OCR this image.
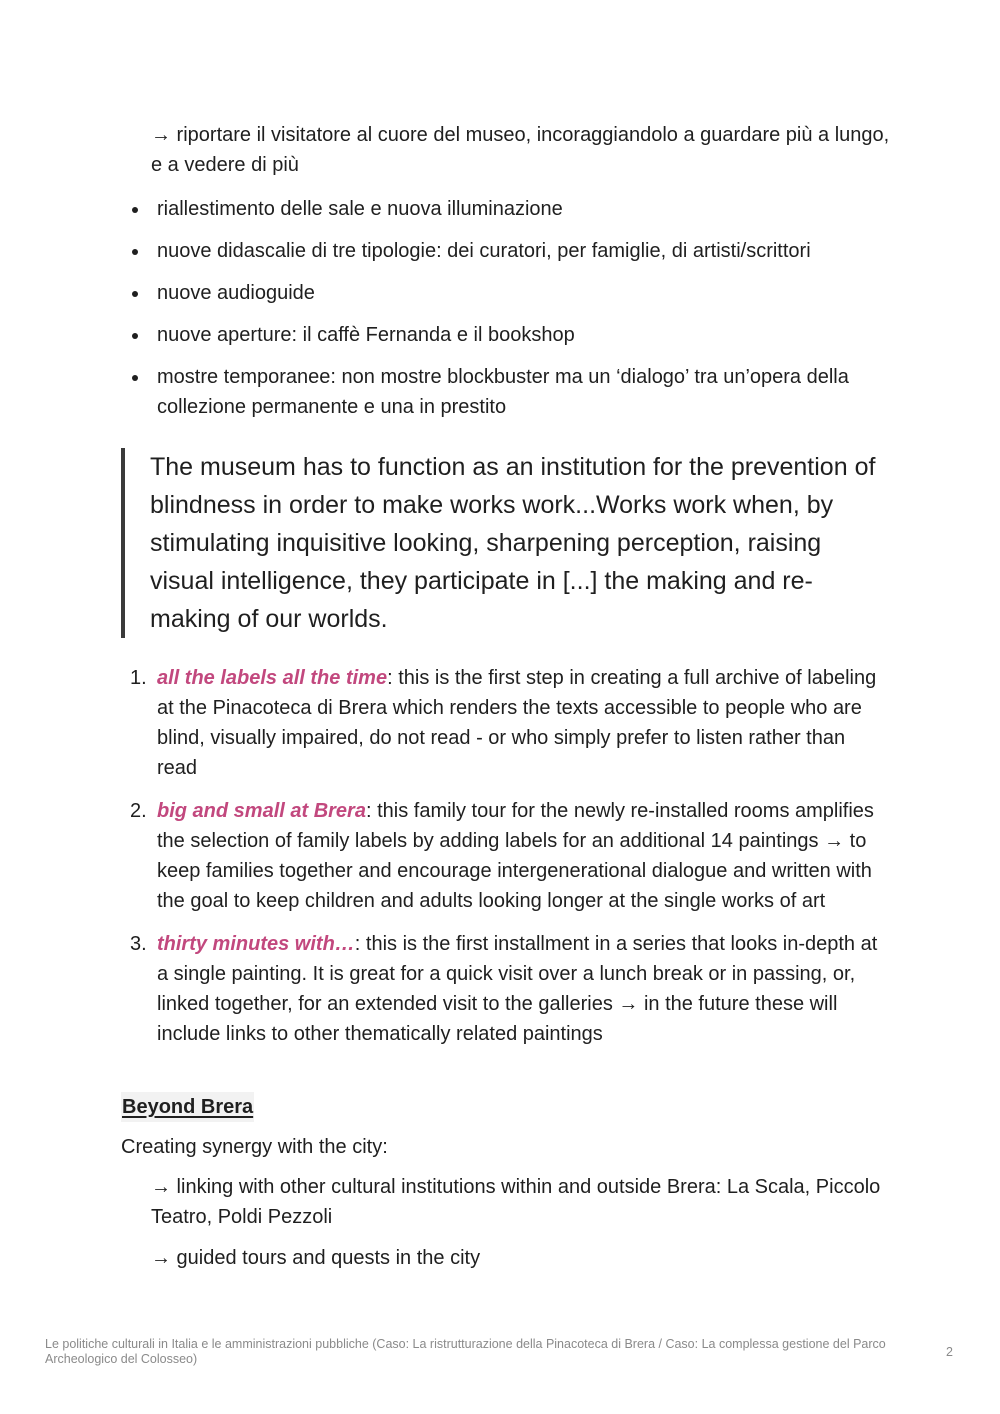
→ riportare il visitatore al cuore del museo, incoraggiandolo a guardare più a lungo, e a vedere di più
riallestimento delle sale e nuova illuminazione
nuove didascalie di tre tipologie: dei curatori, per famiglie, di artisti/scrittori
nuove audioguide
nuove aperture: il caffè Fernanda e il bookshop
mostre temporanee: non mostre blockbuster ma un ‘dialogo’ tra un’opera della collezione permanente e una in prestito
The museum has to function as an institution for the prevention of blindness in order to make works work...Works work when, by stimulating inquisitive looking, sharpening perception, raising visual intelligence, they participate in [...] the making and re-making of our worlds.
1. all the labels all the time: this is the first step in creating a full archive of labeling at the Pinacoteca di Brera which renders the texts accessible to people who are blind, visually impaired, do not read - or who simply prefer to listen rather than read
2. big and small at Brera: this family tour for the newly re-installed rooms amplifies the selection of family labels by adding labels for an additional 14 paintings → to keep families together and encourage intergenerational dialogue and written with the goal to keep children and adults looking longer at the single works of art
3. thirty minutes with…: this is the first installment in a series that looks in-depth at a single painting. It is great for a quick visit over a lunch break or in passing, or, linked together, for an extended visit to the galleries → in the future these will include links to other thematically related paintings
Beyond Brera
Creating synergy with the city:
→ linking with other cultural institutions within and outside Brera: La Scala, Piccolo Teatro, Poldi Pezzoli
→ guided tours and quests in the city
Le politiche culturali in Italia e le amministrazioni pubbliche (Caso: La ristrutturazione della Pinacoteca di Brera / Caso: La complessa gestione del Parco Archeologico del Colosseo)	2
